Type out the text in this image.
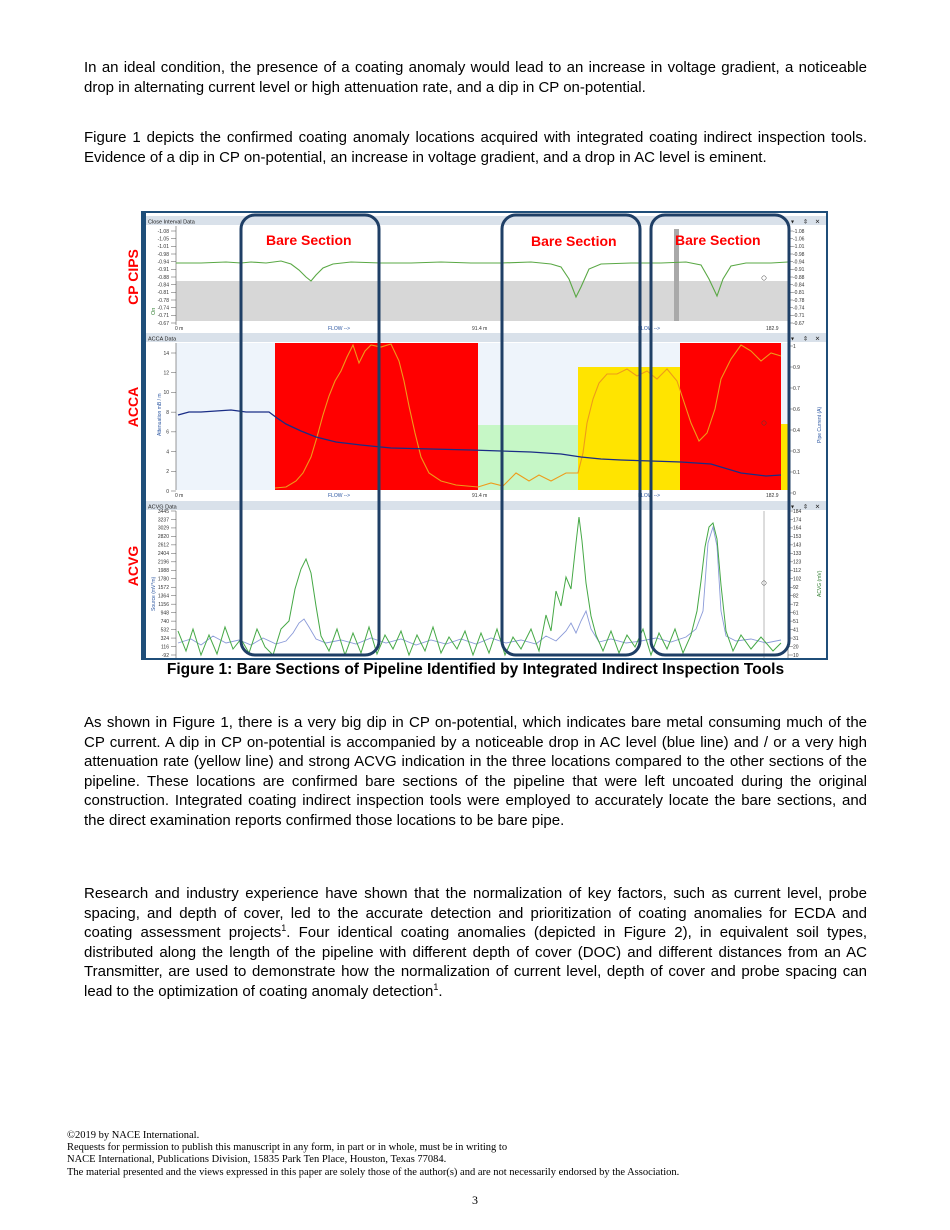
In an ideal condition, the presence of a coating anomaly would lead to an increase in voltage gradient, a noticeable drop in alternating current level or high attenuation rate, and a dip in CP on-potential.

Figure 1 depicts the confirmed coating anomaly locations acquired with integrated coating indirect inspection tools. Evidence of a dip in CP on-potential, an increase in voltage gradient, and a drop in AC level is eminent.

Close Interval Data	▾ ⇕ ✕
-1.08
-1.05
-1.01
-0.98
-0.94
-0.91
-0.88
-0.84
-0.81
-0.78
-0.74
-0.71
-0.67
-1.08
-1.06
-1.01
-0.98
-0.94
-0.91
-0.88
-0.84
-0.81
-0.78
-0.74
-0.71
-0.67
On
0 m	FLOW -->	91.4 m	FLOW -->	182.9
ACCA Data	▾ ⇕ ✕
14
12
10
8
6
4
2
0
1
0.9
0.7
0.6
0.4
0.3
0.1
0
Attenuation mB / m	Pipe Current (A)
0 m	FLOW -->	91.4 m	FLOW -->	182.9
ACVG Data	▾ ⇕ ✕
3445
3237
3029
2820
2612
2404
2196
1988
1780
1572
1364
1156
948
740
532
324
116
-92
184
174
164
153
143
133
123
112
102
92
82
72
61
51
41
31
20
10
Source (mV*m)	ACVG (mV)
CP CIPS
ACCA
ACVG
Bare Section	Bare Section	Bare Section
Figure 1: Bare Sections of Pipeline Identified by Integrated Indirect Inspection Tools

As shown in Figure 1, there is a very big dip in CP on-potential, which indicates bare metal consuming much of the CP current. A dip in CP on-potential is accompanied by a noticeable drop in AC level (blue line) and / or a very high attenuation rate (yellow line) and strong ACVG indication in the three locations compared to the other sections of the pipeline. These locations are confirmed bare sections of the pipeline that were left uncoated during the original construction. Integrated coating indirect inspection tools were employed to accurately locate the bare sections, and the direct examination reports confirmed those locations to be bare pipe.

Research and industry experience have shown that the normalization of key factors, such as current level, probe spacing, and depth of cover, led to the accurate detection and prioritization of coating anomalies for ECDA and coating assessment projects$^1$. Four identical coating anomalies (depicted in Figure 2), in equivalent soil types, distributed along the length of the pipeline with different depth of cover (DOC) and different distances from an AC Transmitter, are used to demonstrate how the normalization of current level, depth of cover and probe spacing can lead to the optimization of coating anomaly detection$^1$.

©2019 by NACE International.
Requests for permission to publish this manuscript in any form, in part or in whole, must be in writing to
NACE International, Publications Division, 15835 Park Ten Place, Houston, Texas 77084.
The material presented and the views expressed in this paper are solely those of the author(s) and are not necessarily endorsed by the Association.
3
